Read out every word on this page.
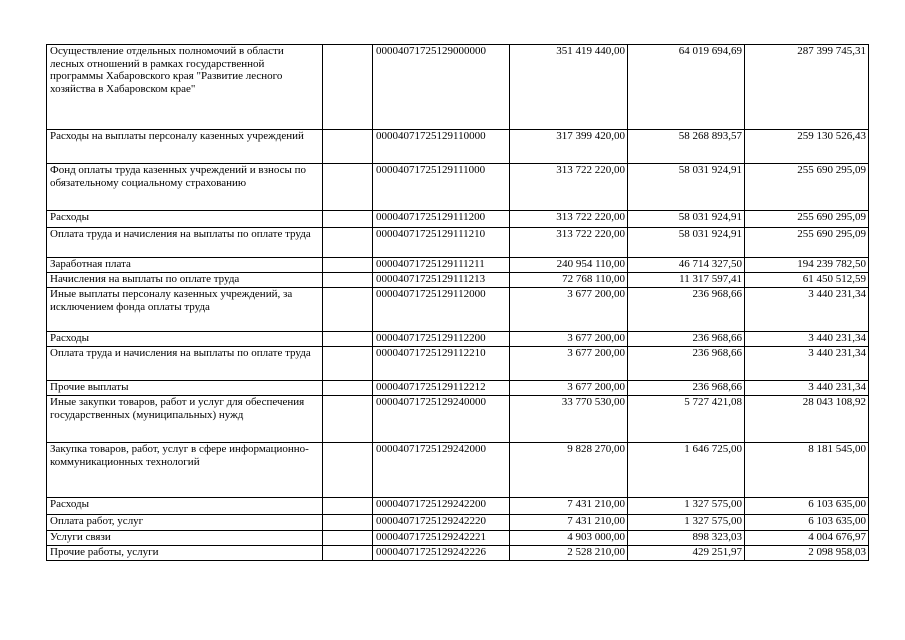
Осуществление отдельных полномочий в области лесных отношений в рамках государственной программы Хабаровского края "Развитие лесного хозяйства в Хабаровском крае"		00004071725129000000	351 419 440,00	64 019 694,69	287 399 745,31
Расходы на выплаты персоналу казенных учреждений		00004071725129110000	317 399 420,00	58 268 893,57	259 130 526,43
Фонд оплаты труда казенных учреждений и взносы по обязательному социальному страхованию		00004071725129111000	313 722 220,00	58 031 924,91	255 690 295,09
Расходы		00004071725129111200	313 722 220,00	58 031 924,91	255 690 295,09
Оплата труда и начисления на выплаты по оплате труда		00004071725129111210	313 722 220,00	58 031 924,91	255 690 295,09
Заработная плата		00004071725129111211	240 954 110,00	46 714 327,50	194 239 782,50
Начисления на выплаты по оплате труда		00004071725129111213	72 768 110,00	11 317 597,41	61 450 512,59
Иные выплаты персоналу казенных учреждений, за исключением фонда оплаты труда		00004071725129112000	3 677 200,00	236 968,66	3 440 231,34
Расходы		00004071725129112200	3 677 200,00	236 968,66	3 440 231,34
Оплата труда и начисления на выплаты по оплате труда		00004071725129112210	3 677 200,00	236 968,66	3 440 231,34
Прочие выплаты		00004071725129112212	3 677 200,00	236 968,66	3 440 231,34
Иные закупки товаров, работ и услуг для обеспечения государственных (муниципальных) нужд		00004071725129240000	33 770 530,00	5 727 421,08	28 043 108,92
Закупка товаров, работ, услуг в сфере информационно-коммуникационных технологий		00004071725129242000	9 828 270,00	1 646 725,00	8 181 545,00
Расходы		00004071725129242200	7 431 210,00	1 327 575,00	6 103 635,00
Оплата работ, услуг		00004071725129242220	7 431 210,00	1 327 575,00	6 103 635,00
Услуги связи		00004071725129242221	4 903 000,00	898 323,03	4 004 676,97
Прочие работы, услуги		00004071725129242226	2 528 210,00	429 251,97	2 098 958,03
